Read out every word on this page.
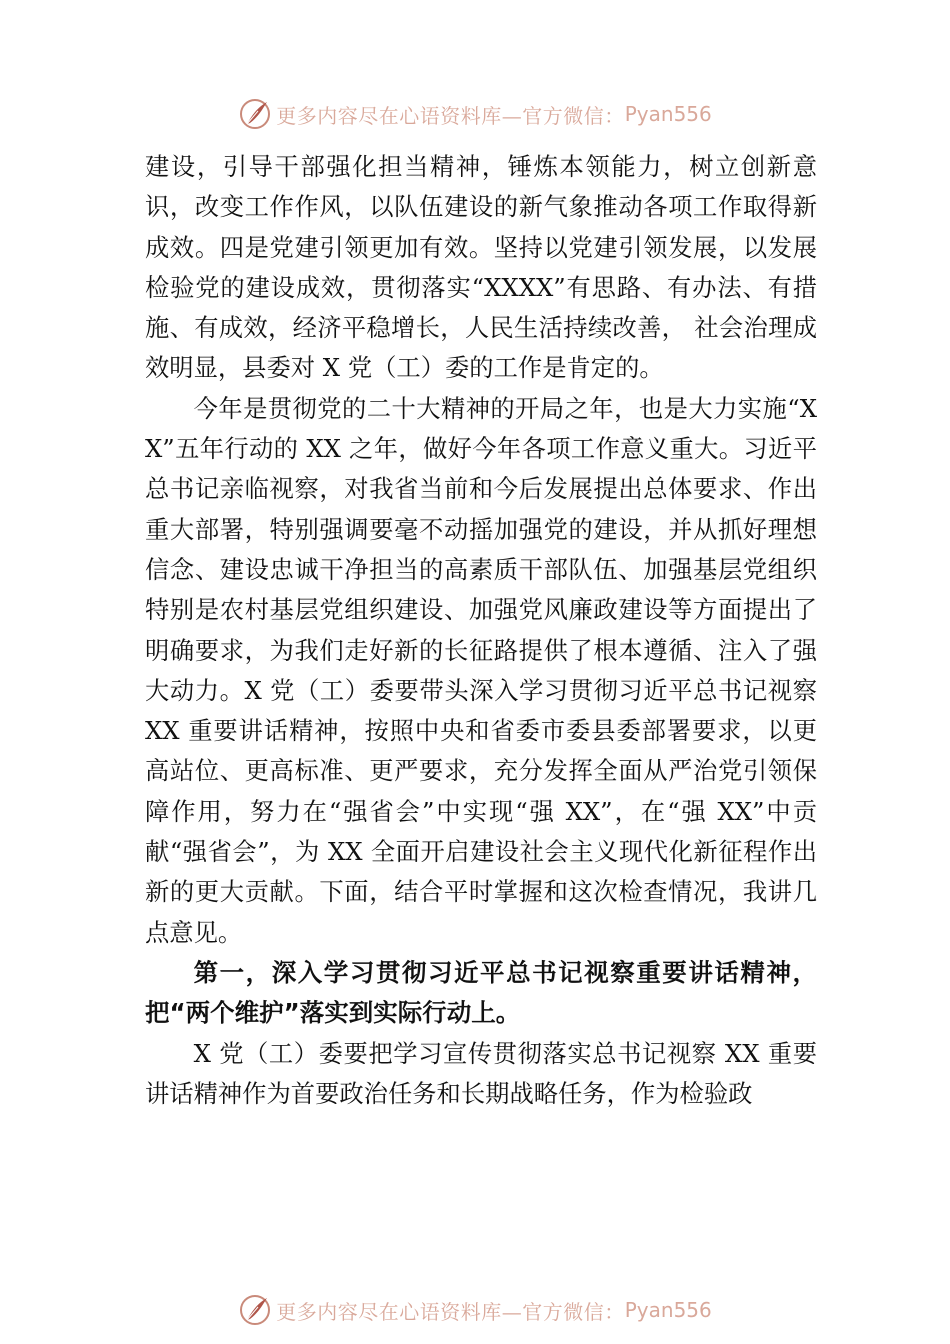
更多内容尽在心语资料库—官方微信： Pyan556

建设，引导干部强化担当精神，锤炼本领能力，树立创新意识，改变工作作风，以队伍建设的新气象推动各项工作取得新成效。四是党建引领更加有效。坚持以党建引领发展，以发展检验党的建设成效，贯彻落实“XXXX”有思路、有办法、有措施、有成效，经济平稳增长，人民生活持续改善， 社会治理成效明显，县委对 X 党（工）委的工作是肯定的。

今年是贯彻党的二十大精神的开局之年，也是大力实施“XX”五年行动的 XX 之年，做好今年各项工作意义重大。习近平总书记亲临视察，对我省当前和今后发展提出总体要求、作出重大部署，特别强调要毫不动摇加强党的建设，并从抓好理想信念、建设忠诚干净担当的高素质干部队伍、加强基层党组织特别是农村基层党组织建设、加强党风廉政建设等方面提出了明确要求，为我们走好新的长征路提供了根本遵循、注入了强大动力。X 党（工）委要带头深入学习贯彻习近平总书记视察 XX 重要讲话精神，按照中央和省委市委县委部署要求，以更高站位、更高标准、更严要求，充分发挥全面从严治党引领保障作用，努力在“强省会”中实现“强 XX”，在“强 XX”中贡献“强省会”，为 XX 全面开启建设社会主义现代化新征程作出新的更大贡献。下面，结合平时掌握和这次检查情况，我讲几点意见。

第一，深入学习贯彻习近平总书记视察重要讲话精神，把“两个维护”落实到实际行动上。

X 党（工）委要把学习宣传贯彻落实总书记视察 XX 重要讲话精神作为首要政治任务和长期战略任务，作为检验政

更多内容尽在心语资料库—官方微信： Pyan556
